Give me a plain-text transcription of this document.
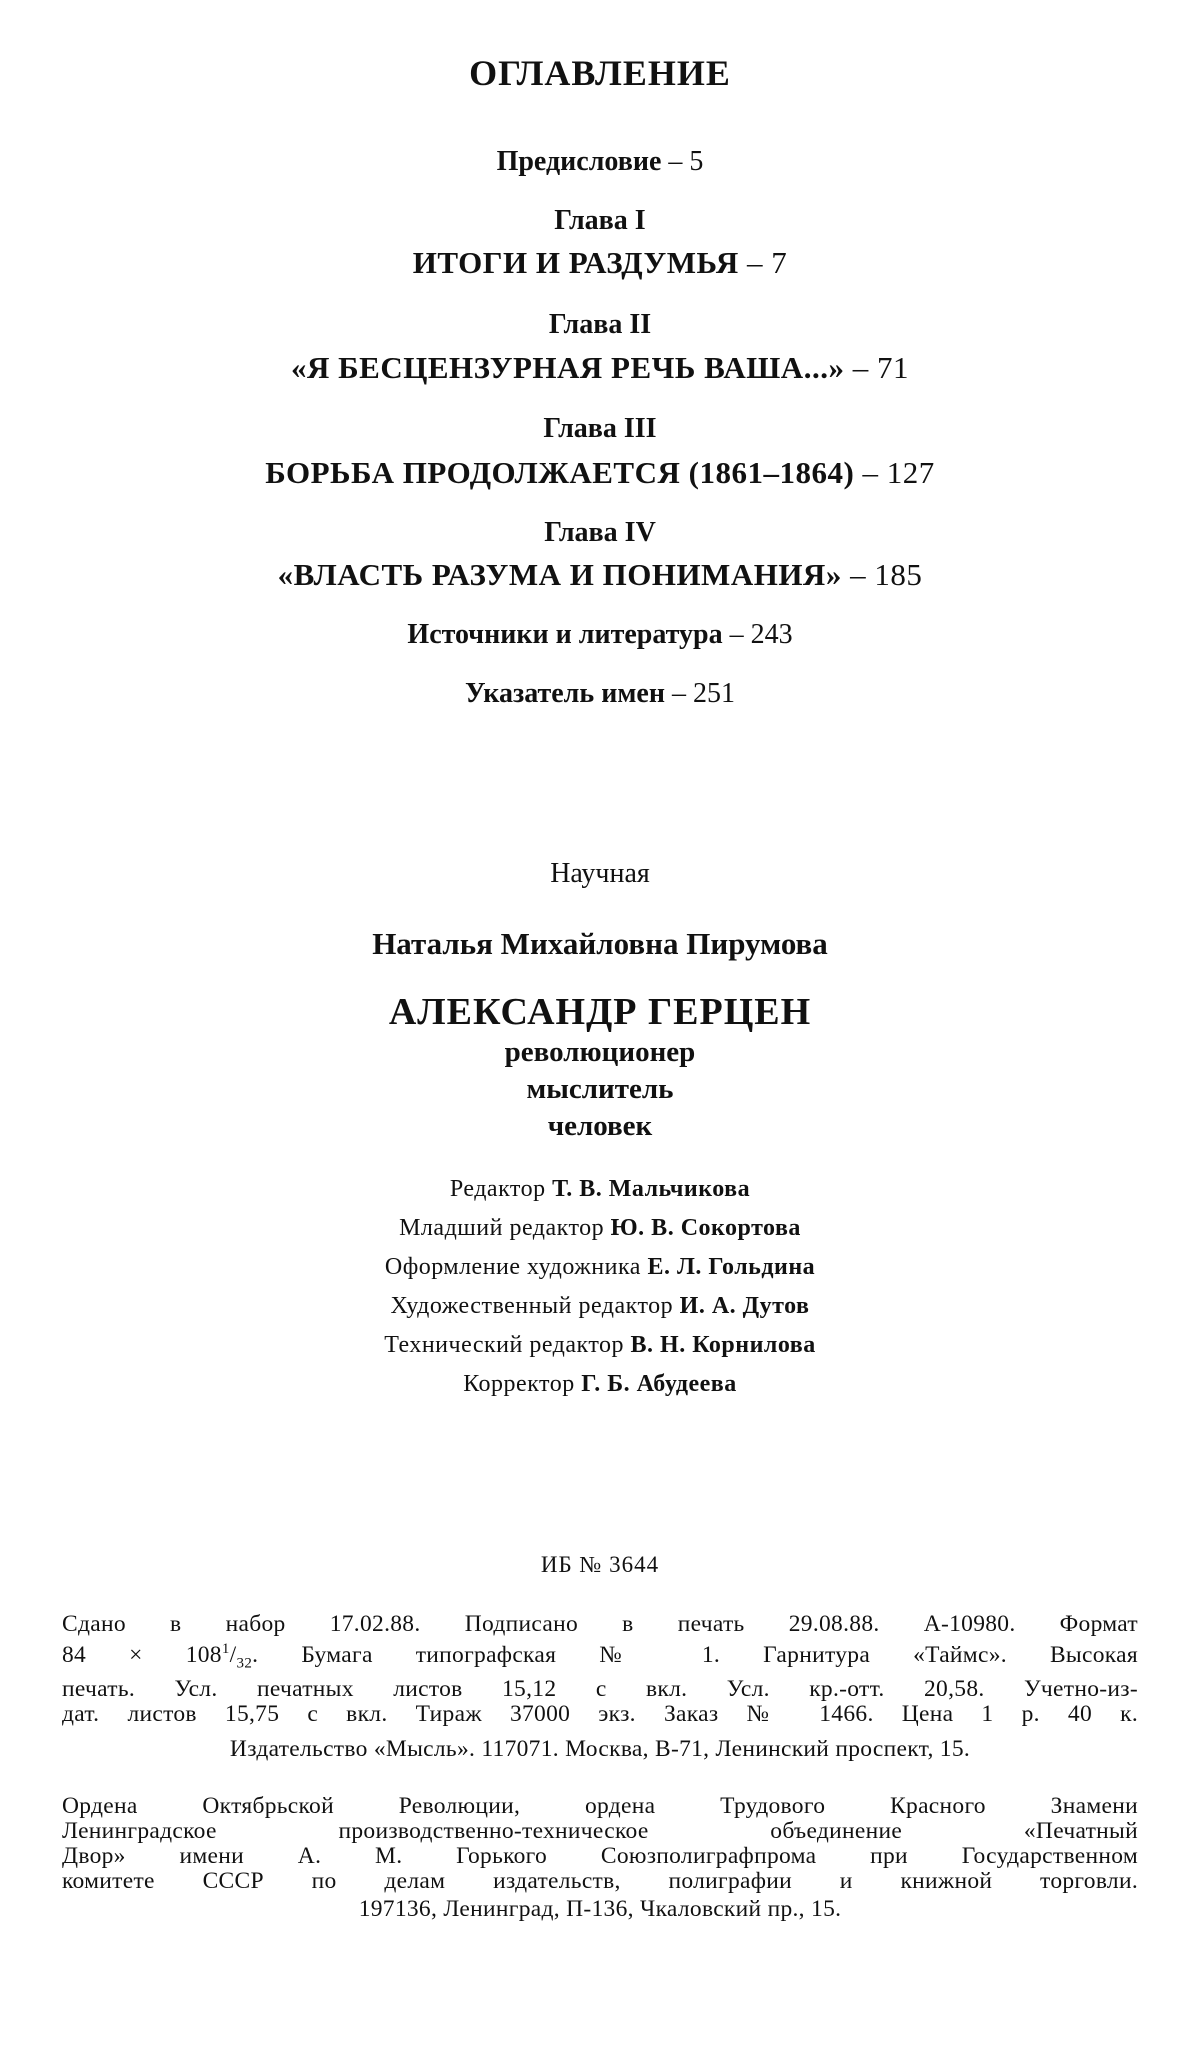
ОГЛАВЛЕНИЕ
Предисловие – 5
Глава I
ИТОГИ И РАЗДУМЬЯ – 7
Глава II
«Я БЕСЦЕНЗУРНАЯ РЕЧЬ ВАША...» – 71
Глава III
БОРЬБА ПРОДОЛЖАЕТСЯ (1861–1864) – 127
Глава IV
«ВЛАСТЬ РАЗУМА И ПОНИМАНИЯ» – 185
Источники и литература – 243
Указатель имен – 251
Научная
Наталья Михайловна Пирумова
АЛЕКСАНДР ГЕРЦЕН
революционер
мыслитель
человек
Редактор Т. В. Мальчикова
Младший редактор Ю. В. Сокортова
Оформление художника Е. Л. Гольдина
Художественный редактор И. А. Дутов
Технический редактор В. Н. Корнилова
Корректор Г. Б. Абудеева
ИБ № 3644
Сдано в набор 17.02.88. Подписано в печать 29.08.88. А-10980. Формат
$84 \times 108^1/_{32}$. Бумага типографская № 1. Гарнитура «Таймс». Высокая
печать. Усл. печатных листов 15,12 с вкл. Усл. кр.-отт. 20,58. Учетно-из-
дат. листов 15,75 с вкл. Тираж 37000 экз. Заказ № 1466. Цена 1 р. 40 к.
Издательство «Мысль». 117071. Москва, В-71, Ленинский проспект, 15.
Ордена Октябрьской Революции, ордена Трудового Красного Знамени
Ленинградское производственно-техническое объединение «Печатный
Двор» имени А. М. Горького Союзполиграфпрома при Государственном
комитете СССР по делам издательств, полиграфии и книжной торговли.
197136, Ленинград, П-136, Чкаловский пр., 15.
